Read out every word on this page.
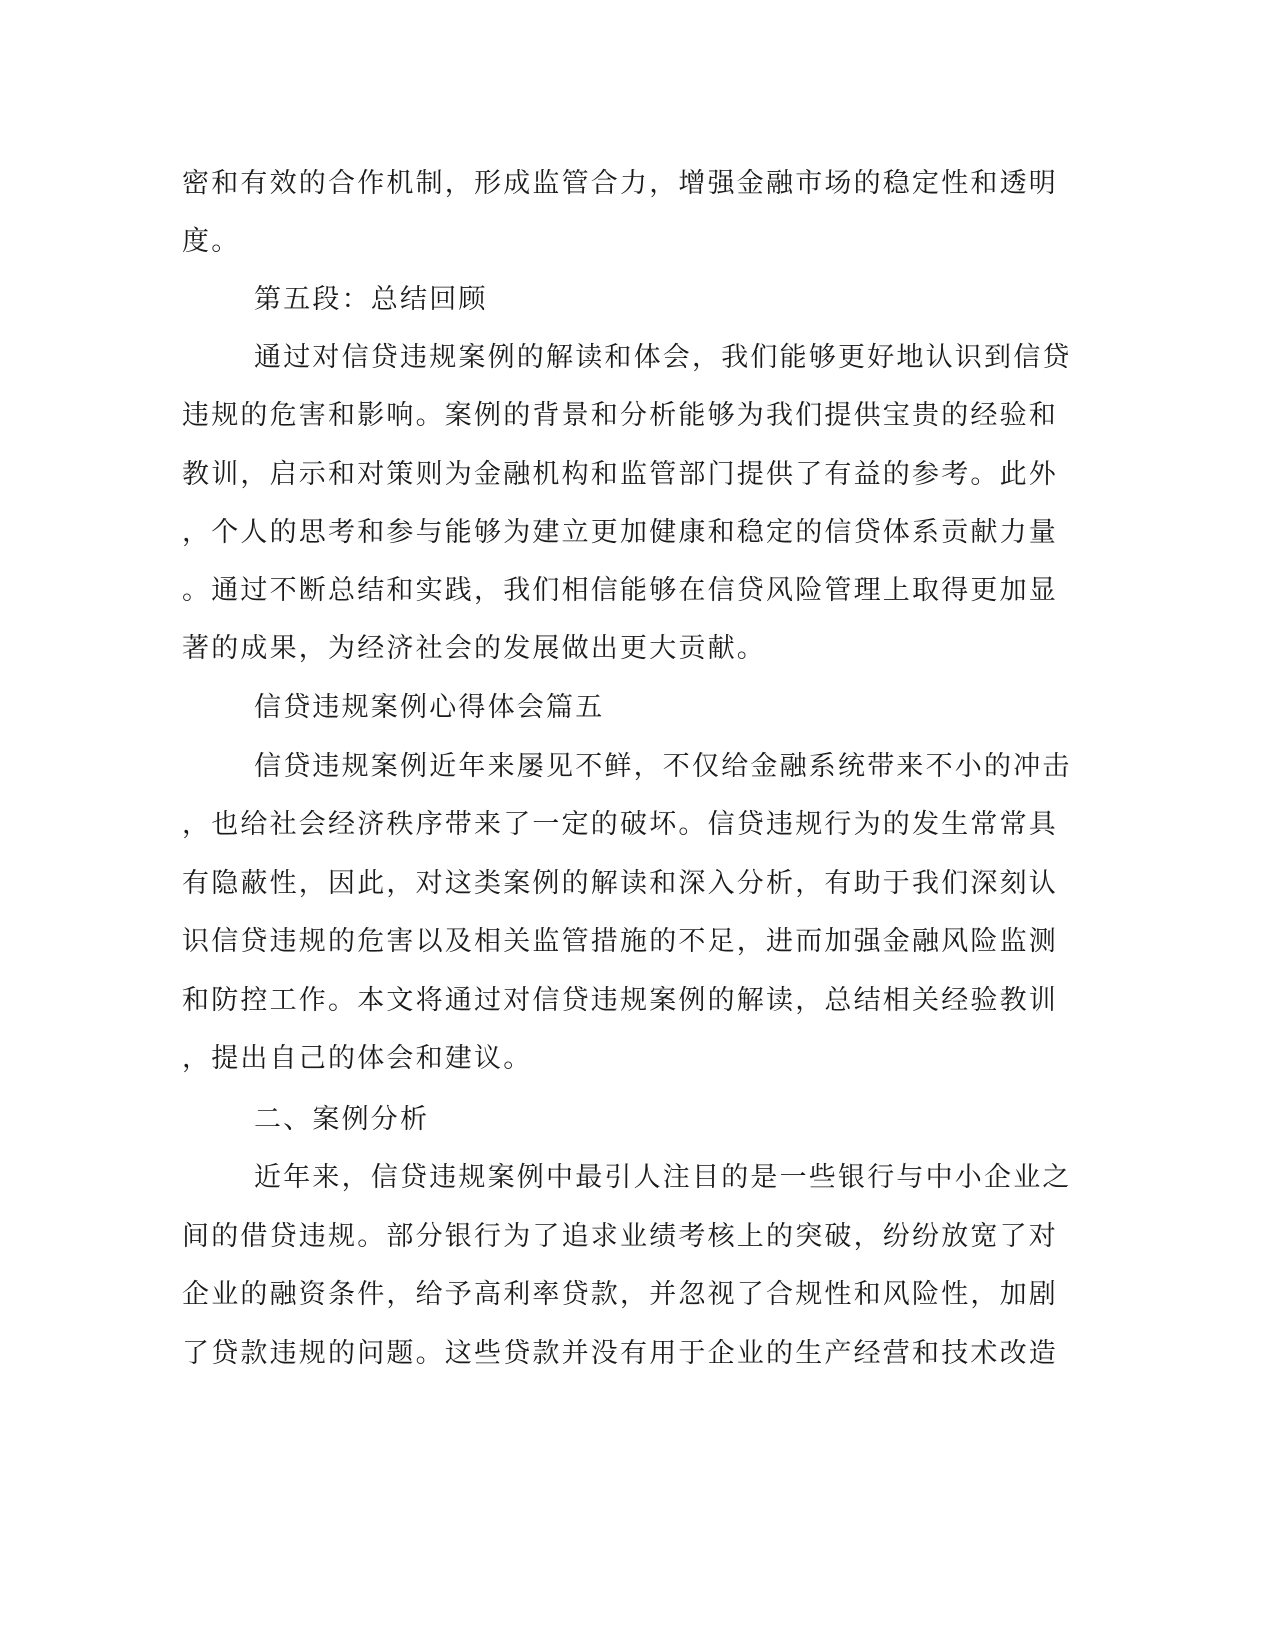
密和有效的合作机制，形成监管合力，增强金融市场的稳定性和透明
度。
第五段：总结回顾
通过对信贷违规案例的解读和体会，我们能够更好地认识到信贷
违规的危害和影响。案例的背景和分析能够为我们提供宝贵的经验和
教训，启示和对策则为金融机构和监管部门提供了有益的参考。此外
，个人的思考和参与能够为建立更加健康和稳定的信贷体系贡献力量
。通过不断总结和实践，我们相信能够在信贷风险管理上取得更加显
著的成果，为经济社会的发展做出更大贡献。
信贷违规案例心得体会篇五
信贷违规案例近年来屡见不鲜，不仅给金融系统带来不小的冲击
，也给社会经济秩序带来了一定的破坏。信贷违规行为的发生常常具
有隐蔽性，因此，对这类案例的解读和深入分析，有助于我们深刻认
识信贷违规的危害以及相关监管措施的不足，进而加强金融风险监测
和防控工作。本文将通过对信贷违规案例的解读，总结相关经验教训
，提出自己的体会和建议。
二、案例分析
近年来，信贷违规案例中最引人注目的是一些银行与中小企业之
间的借贷违规。部分银行为了追求业绩考核上的突破，纷纷放宽了对
企业的融资条件，给予高利率贷款，并忽视了合规性和风险性，加剧
了贷款违规的问题。这些贷款并没有用于企业的生产经营和技术改造
